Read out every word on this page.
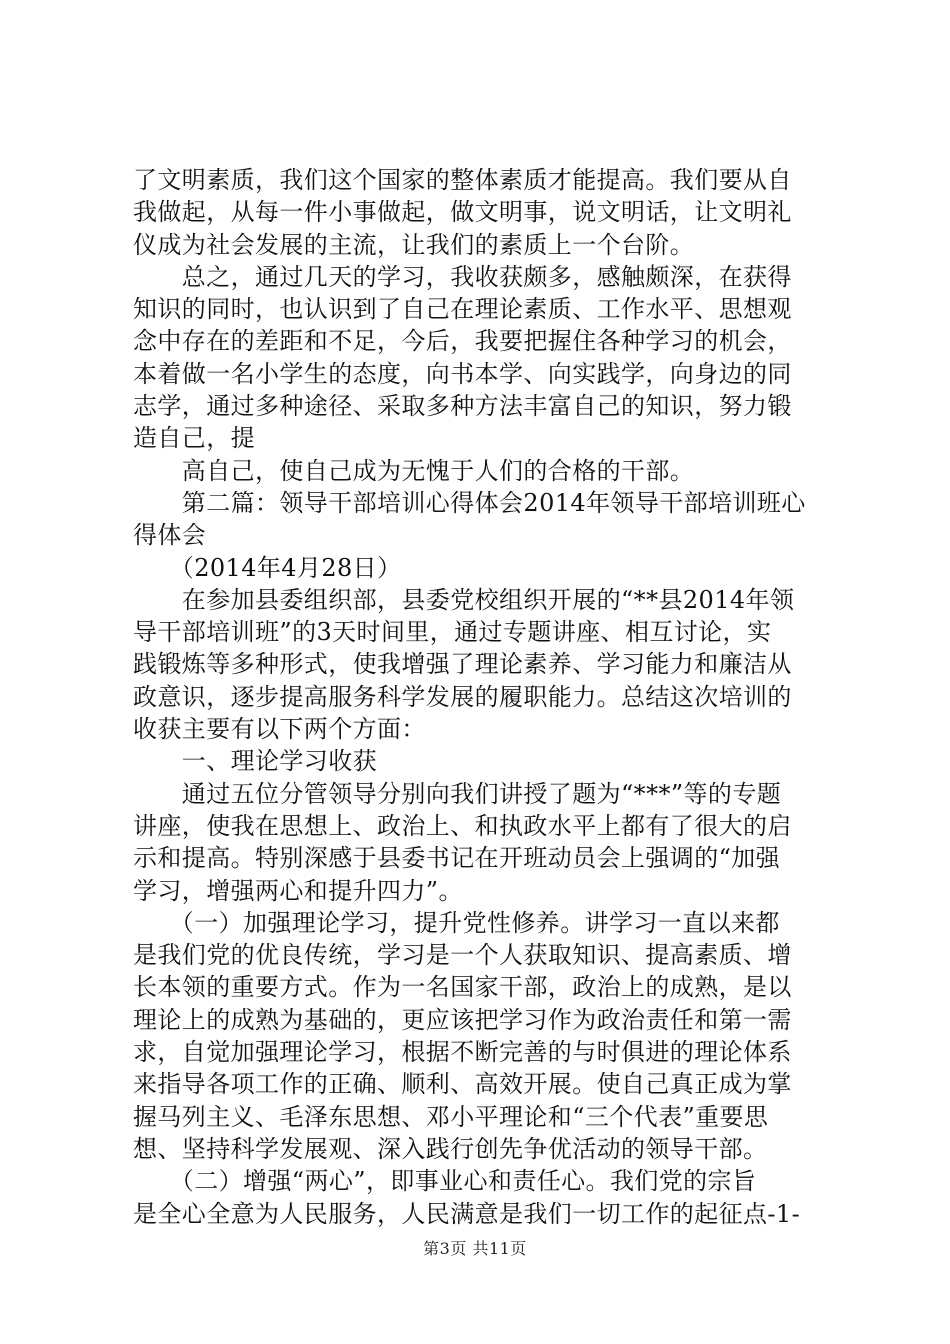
了文明素质，我们这个国家的整体素质才能提高。我们要从自
我做起，从每一件小事做起，做文明事，说文明话，让文明礼
仪成为社会发展的主流，让我们的素质上一个台阶。
　　总之，通过几天的学习，我收获颇多，感触颇深，在获得
知识的同时，也认识到了自己在理论素质、工作水平、思想观
念中存在的差距和不足，今后，我要把握住各种学习的机会，
本着做一名小学生的态度，向书本学、向实践学，向身边的同
志学，通过多种途径、采取多种方法丰富自己的知识，努力锻
造自己，提
　　高自己，使自己成为无愧于人们的合格的干部。
　　第二篇：领导干部培训心得体会2014年领导干部培训班心
得体会
　　（2014年4月28日）
　　在参加县委组织部，县委党校组织开展的“**县2014年领
导干部培训班”的3天时间里，通过专题讲座、相互讨论，实
践锻炼等多种形式，使我增强了理论素养、学习能力和廉洁从
政意识，逐步提高服务科学发展的履职能力。总结这次培训的
收获主要有以下两个方面：
　　一、理论学习收获
　　通过五位分管领导分别向我们讲授了题为“***”等的专题
讲座，使我在思想上、政治上、和执政水平上都有了很大的启
示和提高。特别深感于县委书记在开班动员会上强调的“加强
学习，增强两心和提升四力”。
　　（一）加强理论学习，提升党性修养。讲学习一直以来都
是我们党的优良传统，学习是一个人获取知识、提高素质、增
长本领的重要方式。作为一名国家干部，政治上的成熟，是以
理论上的成熟为基础的，更应该把学习作为政治责任和第一需
求，自觉加强理论学习，根据不断完善的与时俱进的理论体系
来指导各项工作的正确、顺利、高效开展。使自己真正成为掌
握马列主义、毛泽东思想、邓小平理论和“三个代表”重要思
想、坚持科学发展观、深入践行创先争优活动的领导干部。
　　（二）增强“两心”，即事业心和责任心。我们党的宗旨
是全心全意为人民服务，人民满意是我们一切工作的起征点-1-
第3页 共11页
